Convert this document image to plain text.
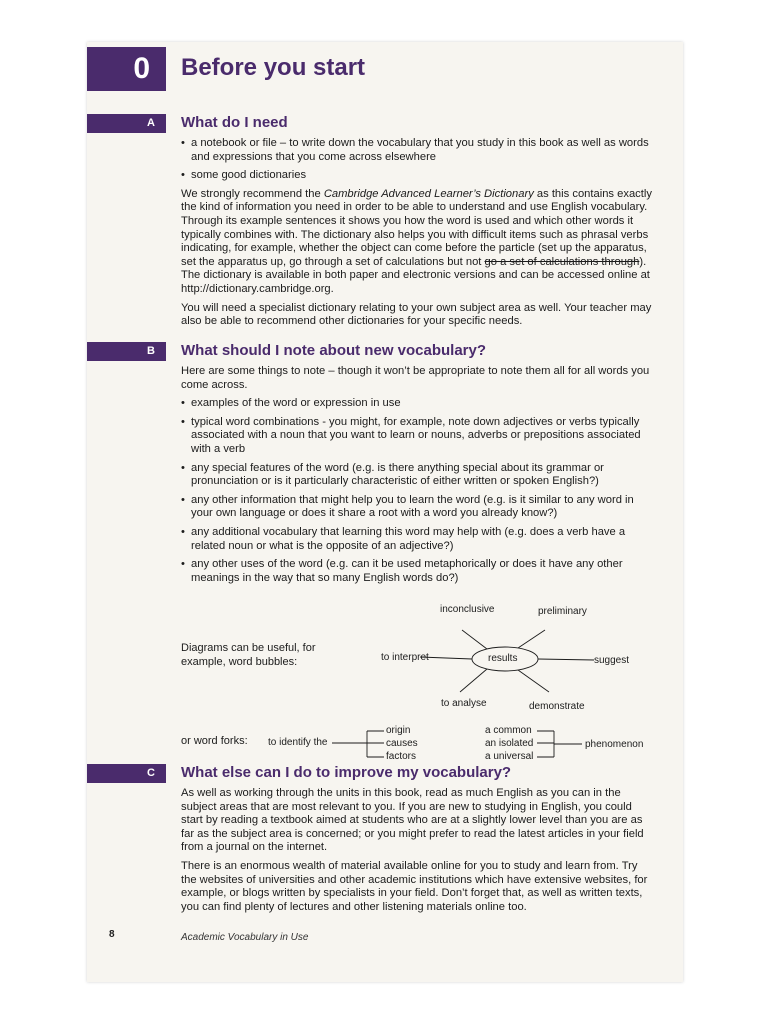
0	Before you start
A	What do I need
• a notebook or file – to write down the vocabulary that you study in this book as well as words and expressions that you come across elsewhere
• some good dictionaries

We strongly recommend the Cambridge Advanced Learner’s Dictionary as this contains exactly the kind of information you need in order to be able to understand and use English vocabulary. Through its example sentences it shows you how the word is used and which other words it typically combines with. The dictionary also helps you with difficult items such as phrasal verbs indicating, for example, whether the object can come before the particle (set up the apparatus, set the apparatus up, go through a set of calculations but not go a set of calculations through). The dictionary is available in both paper and electronic versions and can be accessed online at http://dictionary.cambridge.org.

You will need a specialist dictionary relating to your own subject area as well. Your teacher may also be able to recommend other dictionaries for your specific needs.

B	What should I note about new vocabulary?

Here are some things to note – though it won’t be appropriate to note them all for all words you come across.

• examples of the word or expression in use
• typical word combinations - you might, for example, note down adjectives or verbs typically associated with a noun that you want to learn or nouns, adverbs or prepositions associated with a verb
• any special features of the word (e.g. is there anything special about its grammar or pronunciation or is it particularly characteristic of either written or spoken English?)
• any other information that might help you to learn the word (e.g. is it similar to any word in your own language or does it share a root with a word you already know?)
• any additional vocabulary that learning this word may help with (e.g. does a verb have a related noun or what is the opposite of an adjective?)
• any other uses of the word (e.g. can it be used metaphorically or does it have any other meanings in the way that so many English words do?)
Diagrams can be useful, for example, word bubbles:
inconclusive	preliminary
to interpret	results	suggest
to analyse	demonstrate
or word forks: to identify the
origin
causes
factors
a common
an isolated
a universal
phenomenon
C	What else can I do to improve my vocabulary?

As well as working through the units in this book, read as much English as you can in the subject areas that are most relevant to you. If you are new to studying in English, you could start by reading a textbook aimed at students who are at a slightly lower level than you are as far as the subject area is concerned; or you might prefer to read the latest articles in your field from a journal on the internet.

There is an enormous wealth of material available online for you to study and learn from. Try the websites of universities and other academic institutions which have extensive websites, for example, or blogs written by specialists in your field. Don’t forget that, as well as written texts, you can find plenty of lectures and other listening materials online too.

8	Academic Vocabulary in Use
